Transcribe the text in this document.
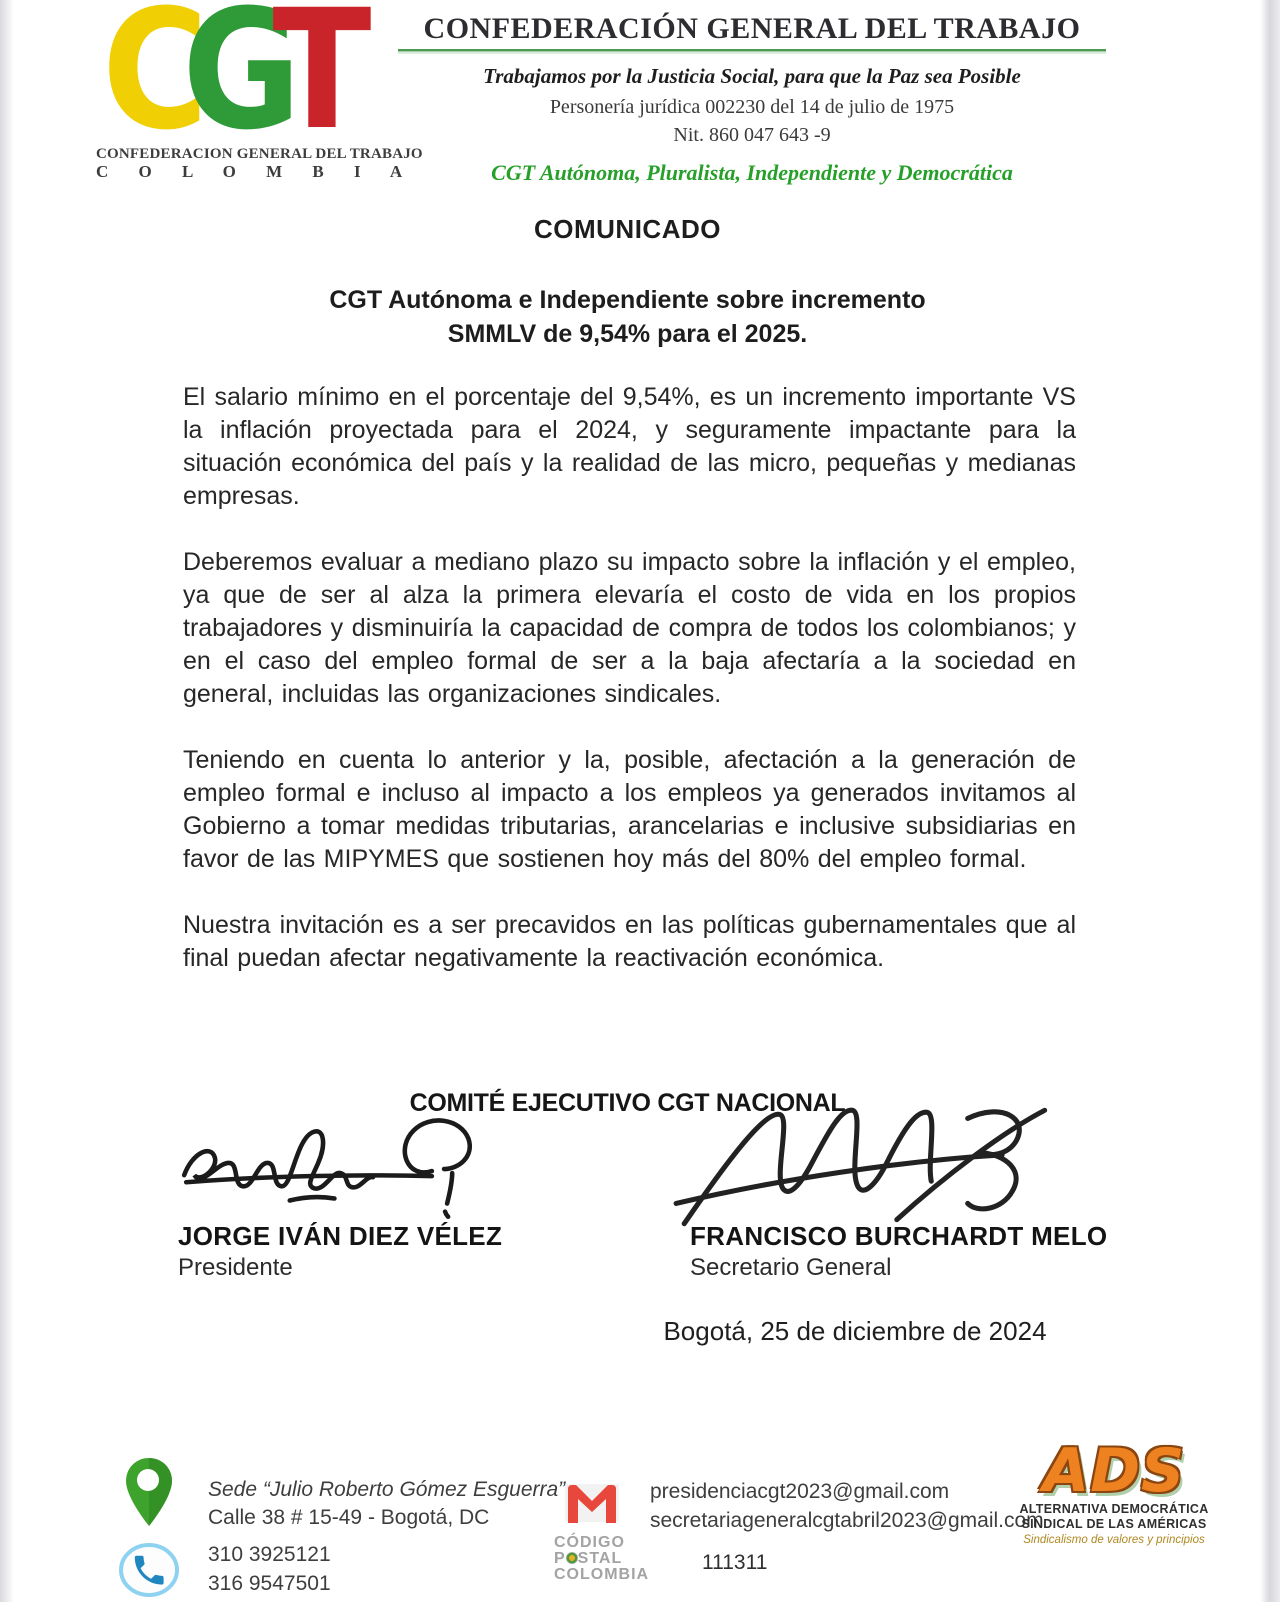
CGT
CONFEDERACION GENERAL DEL TRABAJO
C O L O M B I A
CONFEDERACIÓN GENERAL DEL TRABAJO
Trabajamos por la Justicia Social, para que la Paz sea Posible
Personería jurídica 002230 del 14 de julio de 1975
Nit. 860 047 643 -9
CGT Autónoma, Pluralista, Independiente y Democrática
COMUNICADO
CGT Autónoma e Independiente sobre incremento
SMMLV de 9,54% para el 2025.

El salario mínimo en el porcentaje del 9,54%, es un incremento importante VS la inflación proyectada para el 2024, y seguramente impactante para la situación económica del país y la realidad de las micro, pequeñas y medianas empresas.

Deberemos evaluar a mediano plazo su impacto sobre la inflación y el empleo, ya que de ser al alza la primera elevaría el costo de vida en los propios trabajadores y disminuiría la capacidad de compra de todos los colombianos; y en el caso del empleo formal de ser a la baja afectaría a la sociedad en general, incluidas las organizaciones sindicales.

Teniendo en cuenta lo anterior y la, posible, afectación a la generación de empleo formal e incluso al impacto a los empleos ya generados invitamos al Gobierno a tomar medidas tributarias, arancelarias e inclusive subsidiarias en favor de las MIPYMES que sostienen hoy más del 80% del empleo formal.

Nuestra invitación es a ser precavidos en las políticas gubernamentales que al final puedan afectar negativamente la reactivación económica.

COMITÉ EJECUTIVO CGT NACIONAL
JORGE IVÁN DIEZ VÉLEZ
Presidente
FRANCISCO BURCHARDT MELO
Secretario General
Bogotá, 25 de diciembre de 2024
Sede “Julio Roberto Gómez Esguerra”
Calle 38 # 15-49 - Bogotá, DC
310 3925121
316 9547501
presidenciacgt2023@gmail.com
secretariageneralcgtabril2023@gmail.com
CÓDIGO
P STAL
COLOMBIA
111311
ADS
ALTERNATIVA DEMOCRÁTICA
SINDICAL DE LAS AMÉRICAS
Sindicalismo de valores y principios
